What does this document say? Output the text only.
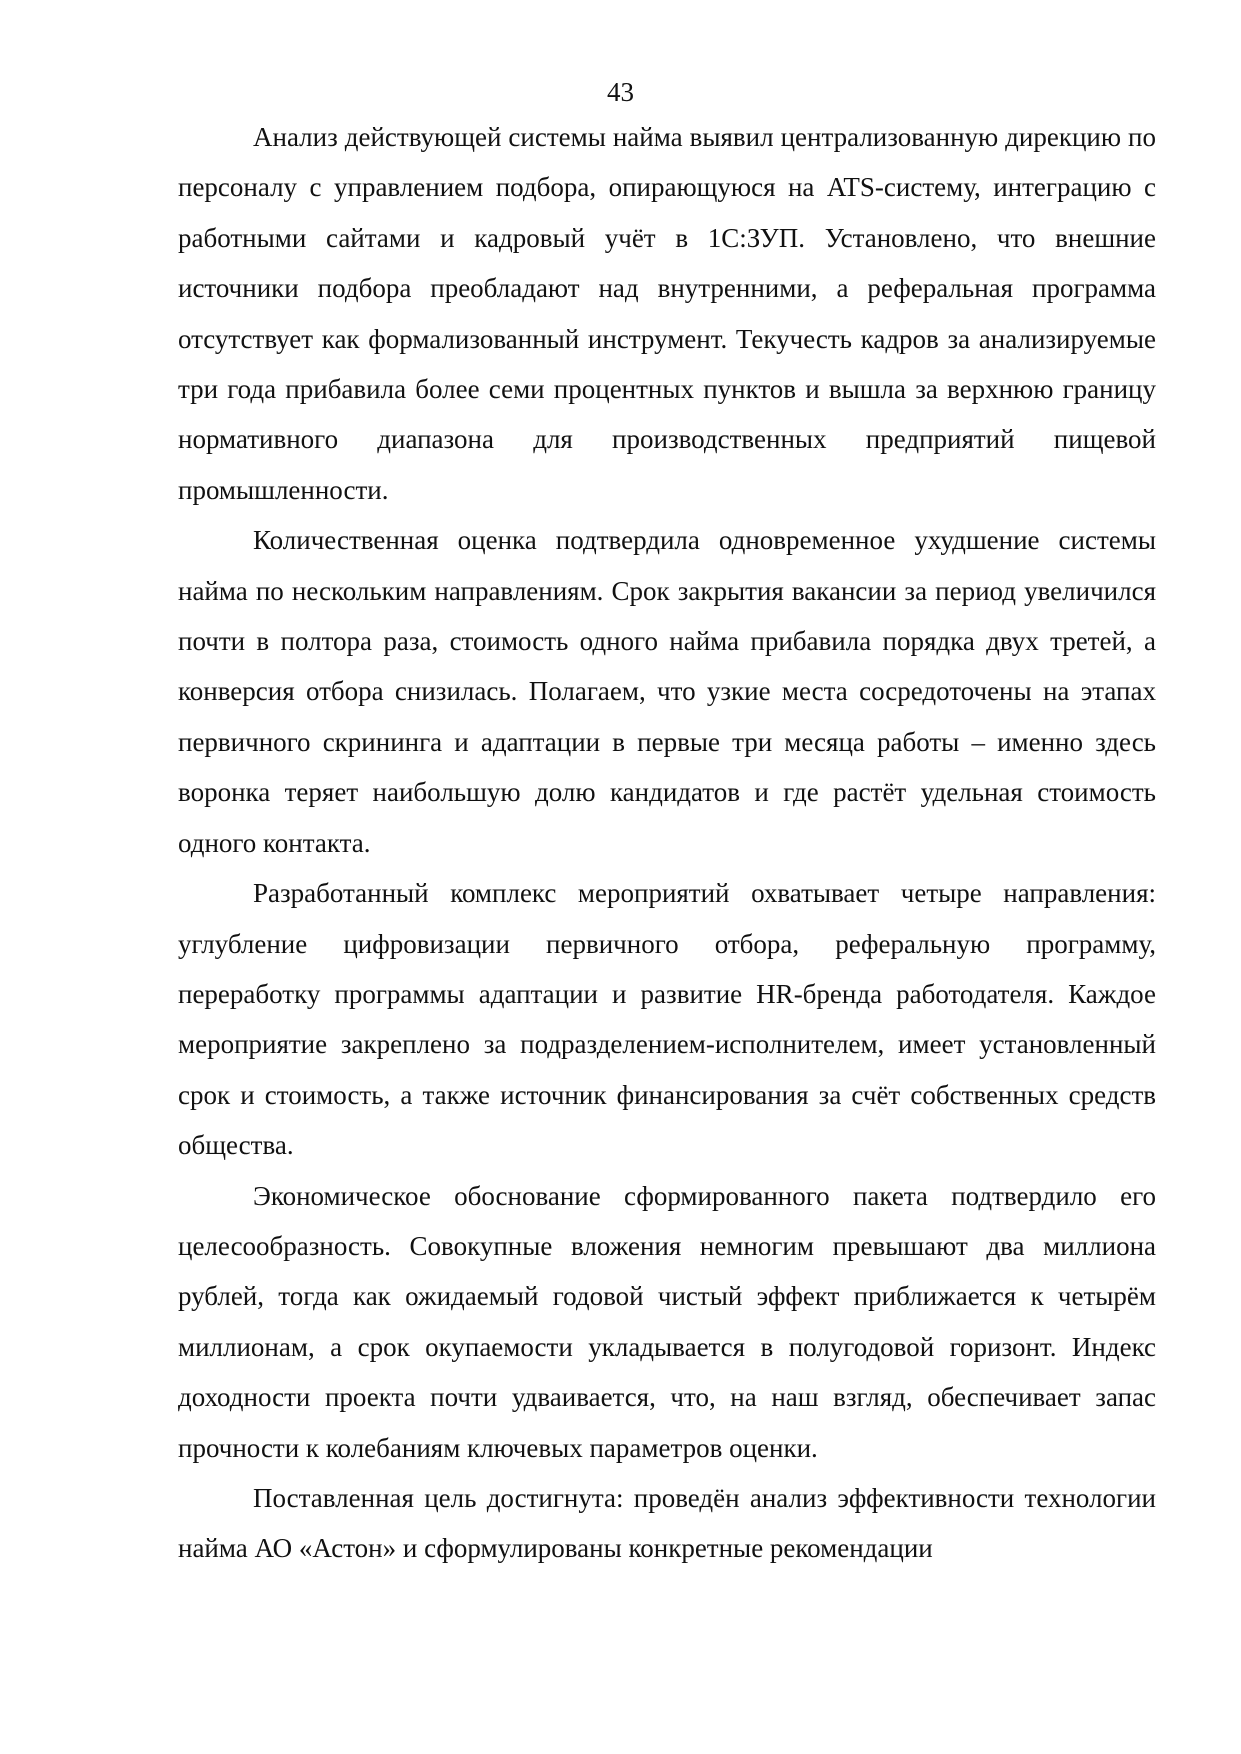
43

Анализ действующей системы найма выявил централизованную дирекцию по персоналу с управлением подбора, опирающуюся на ATS-систему, интеграцию с работными сайтами и кадровый учёт в 1С:ЗУП. Установлено, что внешние источники подбора преобладают над внутренними, а реферальная программа отсутствует как формализованный инструмент. Текучесть кадров за анализируемые три года прибавила более семи процентных пунктов и вышла за верхнюю границу нормативного диапазона для производственных предприятий пищевой промышленности.

Количественная оценка подтвердила одновременное ухудшение системы найма по нескольким направлениям. Срок закрытия вакансии за период увеличился почти в полтора раза, стоимость одного найма прибавила порядка двух третей, а конверсия отбора снизилась. Полагаем, что узкие места сосредоточены на этапах первичного скрининга и адаптации в первые три месяца работы – именно здесь воронка теряет наибольшую долю кандидатов и где растёт удельная стоимость одного контакта.

Разработанный комплекс мероприятий охватывает четыре направления: углубление цифровизации первичного отбора, реферальную программу, переработку программы адаптации и развитие HR-бренда работодателя. Каждое мероприятие закреплено за подразделением-исполнителем, имеет установленный срок и стоимость, а также источник финансирования за счёт собственных средств общества.

Экономическое обоснование сформированного пакета подтвердило его целесообразность. Совокупные вложения немногим превышают два миллиона рублей, тогда как ожидаемый годовой чистый эффект приближается к четырём миллионам, а срок окупаемости укладывается в полугодовой горизонт. Индекс доходности проекта почти удваивается, что, на наш взгляд, обеспечивает запас прочности к колебаниям ключевых параметров оценки.

Поставленная цель достигнута: проведён анализ эффективности технологии найма АО «Астон» и сформулированы конкретные рекомендации
